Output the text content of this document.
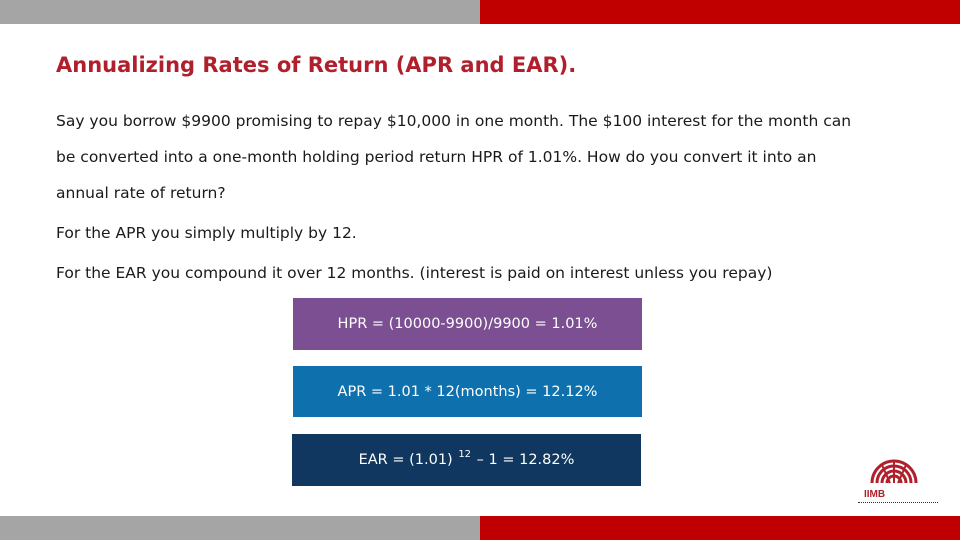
Annualizing Rates of Return (APR and EAR).

Say you borrow $9900 promising to repay $10,000 in one month. The $100 interest for the month can

be converted into a one-month holding period return HPR of 1.01%. How do you convert it into an

annual rate of return?

For the APR you simply multiply by 12.

For the EAR you compound it over 12 months. (interest is paid on interest unless you repay)

HPR = (10000-9900)/9900 = 1.01%
APR = 1.01 * 12(months) = 12.12%
EAR = (1.01)
$^{12}$
– 1 = 12.82%
IIMB
